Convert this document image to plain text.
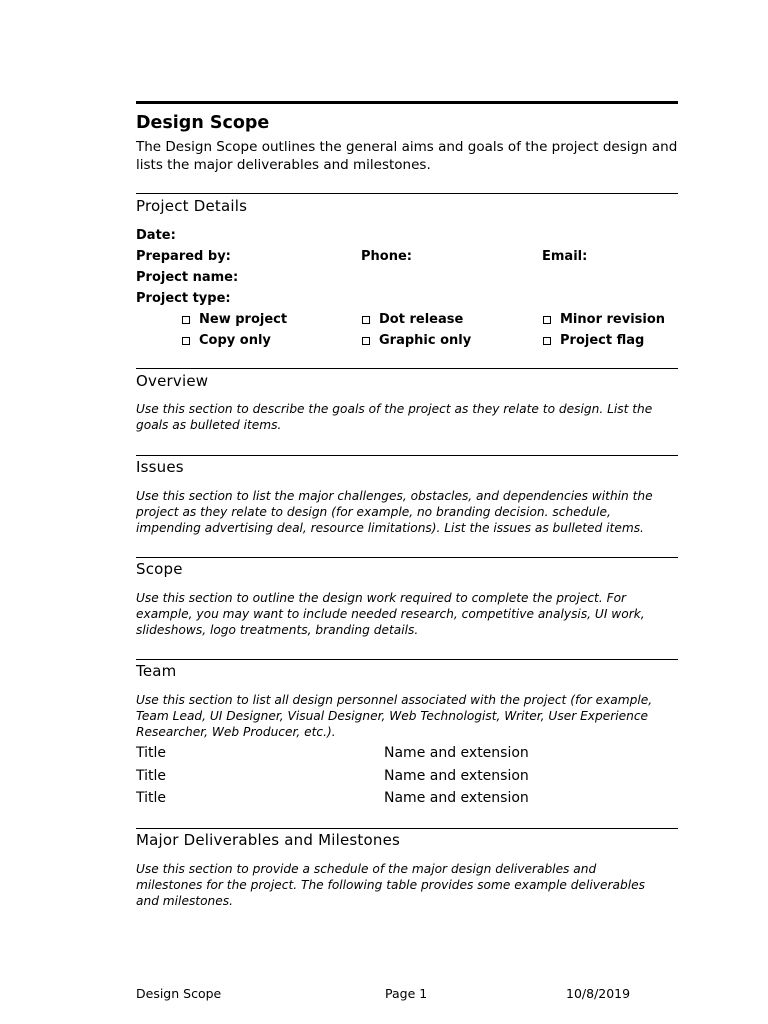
Design Scope
The Design Scope outlines the general aims and goals of the project design and lists the major deliverables and milestones.
Project Details
Date:
Prepared by:	Phone:	Email:
Project name:
Project type:
New project	Dot release	Minor revision
Copy only	Graphic only	Project flag
Overview
Use this section to describe the goals of the project as they relate to design. List the goals as bulleted items.
Issues
Use this section to list the major challenges, obstacles, and dependencies within the project as they relate to design (for example, no branding decision. schedule, impending advertising deal, resource limitations). List the issues as bulleted items.
Scope
Use this section to outline the design work required to complete the project. For example, you may want to include needed research, competitive analysis, UI work, slideshows, logo treatments, branding details.
Team
Use this section to list all design personnel associated with the project (for example, Team Lead, UI Designer, Visual Designer, Web Technologist, Writer, User Experience Researcher, Web Producer, etc.).
Title	Name and extension
Title	Name and extension
Title	Name and extension
Major Deliverables and Milestones
Use this section to provide a schedule of the major design deliverables and milestones for the project. The following table provides some example deliverables and milestones.
Design Scope	Page 1	10/8/2019
